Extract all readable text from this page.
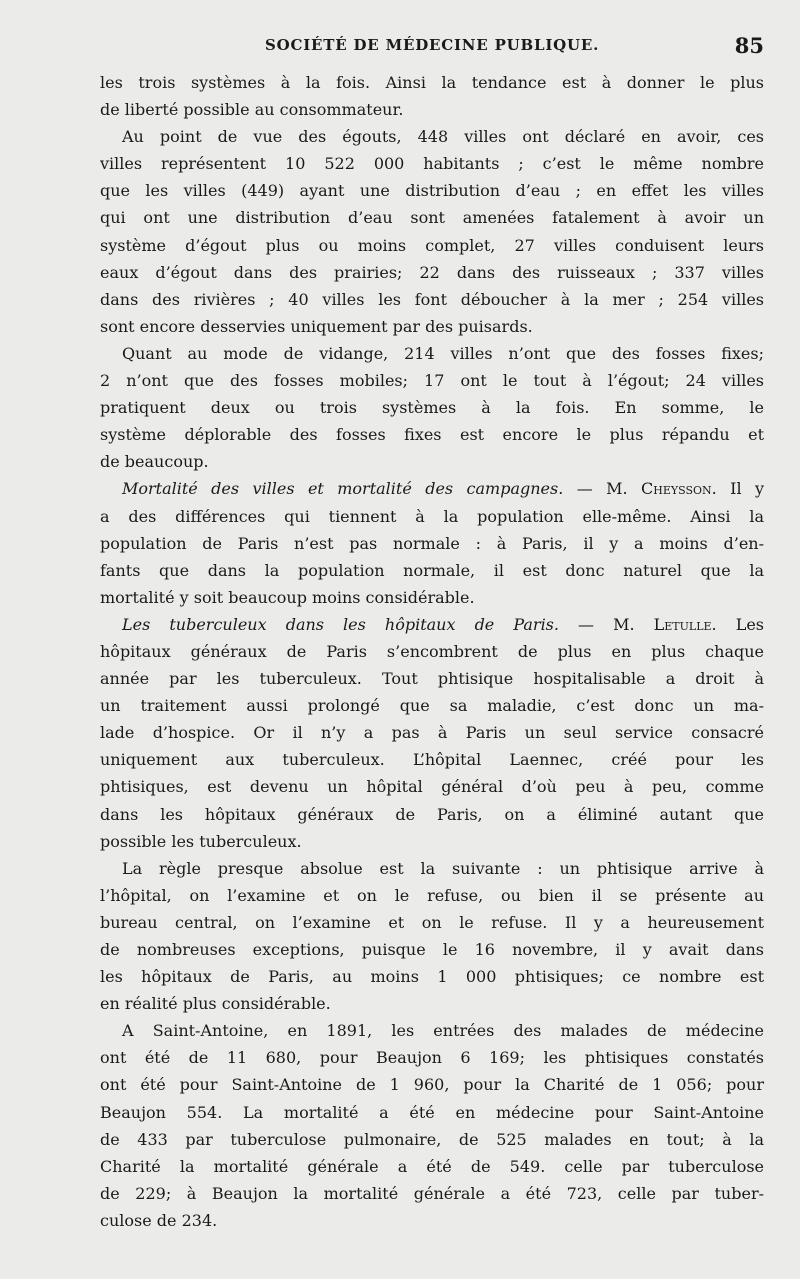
SOCIÉTÉ DE MÉDECINE PUBLIQUE.	85
les trois systèmes à la fois. Ainsi la tendance est à donner le plus
de liberté possible au consommateur.
Au point de vue des égouts, 448 villes ont déclaré en avoir, ces
villes représentent 10 522 000 habitants ; c’est le même nombre
que les villes (449) ayant une distribution d’eau ; en effet les villes
qui ont une distribution d’eau sont amenées fatalement à avoir un
système d’égout plus ou moins complet, 27 villes conduisent leurs
eaux d’égout dans des prairies; 22 dans des ruisseaux ; 337 villes
dans des rivières ; 40 villes les font déboucher à la mer ; 254 villes
sont encore desservies uniquement par des puisards.
Quant au mode de vidange, 214 villes n’ont que des fosses fixes;
2 n’ont que des fosses mobiles; 17 ont le tout à l’égout; 24 villes
pratiquent deux ou trois systèmes à la fois. En somme, le
système déplorable des fosses fixes est encore le plus répandu et
de beaucoup.
Mortalité des villes et mortalité des campagnes. — M. Cheysson. Il y
a des différences qui tiennent à la population elle-même. Ainsi la
population de Paris n’est pas normale : à Paris, il y a moins d’en-
fants que dans la population normale, il est donc naturel que la
mortalité y soit beaucoup moins considérable.
Les tuberculeux dans les hôpitaux de Paris. — M. Letulle. Les
hôpitaux généraux de Paris s’encombrent de plus en plus chaque
année par les tuberculeux. Tout phtisique hospitalisable a droit à
un traitement aussi prolongé que sa maladie, c’est donc un ma-
lade d’hospice. Or il n’y a pas à Paris un seul service consacré
uniquement aux tuberculeux. L’hôpital Laennec, créé pour les
phtisiques, est devenu un hôpital général d’où peu à peu, comme
dans les hôpitaux généraux de Paris, on a éliminé autant que
possible les tuberculeux.
La règle presque absolue est la suivante : un phtisique arrive à
l’hôpital, on l’examine et on le refuse, ou bien il se présente au
bureau central, on l’examine et on le refuse. Il y a heureusement
de nombreuses exceptions, puisque le 16 novembre, il y avait dans
les hôpitaux de Paris, au moins 1 000 phtisiques; ce nombre est
en réalité plus considérable.
A Saint-Antoine, en 1891, les entrées des malades de médecine
ont été de 11 680, pour Beaujon 6 169; les phtisiques constatés
ont été pour Saint-Antoine de 1 960, pour la Charité de 1 056; pour
Beaujon 554. La mortalité a été en médecine pour Saint-Antoine
de 433 par tuberculose pulmonaire, de 525 malades en tout; à la
Charité la mortalité générale a été de 549. celle par tuberculose
de 229; à Beaujon la mortalité générale a été 723, celle par tuber-
culose de 234.
